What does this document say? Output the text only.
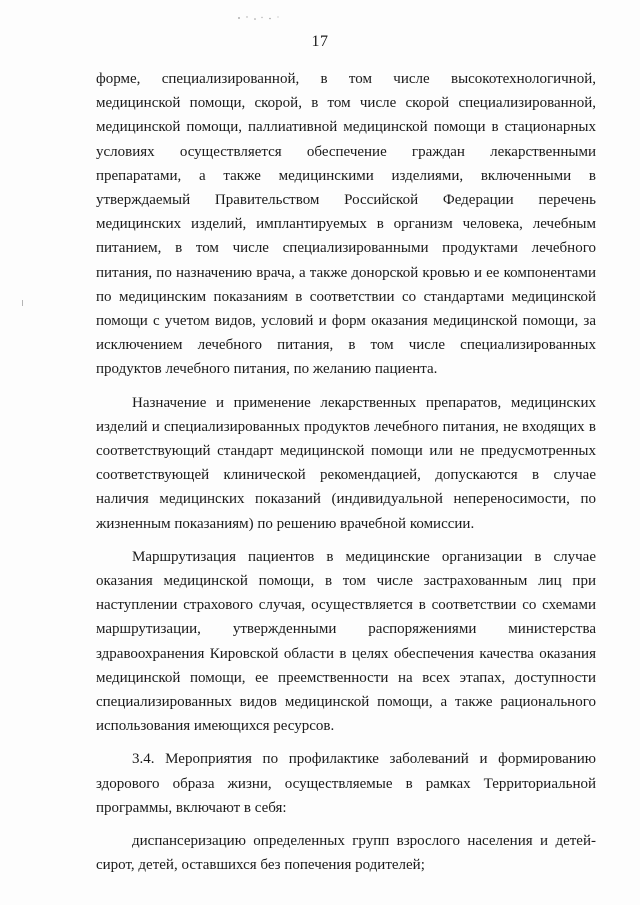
17

форме, специализированной, в том числе высокотехнологичной, медицинской помощи, скорой, в том числе скорой специализированной, медицинской помощи, паллиативной медицинской помощи в стационарных условиях осуществляется обеспечение граждан лекарственными препаратами, а также медицинскими изделиями, включенными в утверждаемый Правительством Российской Федерации перечень медицинских изделий, имплантируемых в организм человека, лечебным питанием, в том числе специализированными продуктами лечебного питания, по назначению врача, а также донорской кровью и ее компонентами по медицинским показаниям в соответствии со стандартами медицинской помощи с учетом видов, условий и форм оказания медицинской помощи, за исключением лечебного питания, в том числе специализированных продуктов лечебного питания, по желанию пациента.

Назначение и применение лекарственных препаратов, медицинских изделий и специализированных продуктов лечебного питания, не входящих в соответствующий стандарт медицинской помощи или не предусмотренных соответствующей клинической рекомендацией, допускаются в случае наличия медицинских показаний (индивидуальной непереносимости, по жизненным показаниям) по решению врачебной комиссии.

Маршрутизация пациентов в медицинские организации в случае оказания медицинской помощи, в том числе застрахованным лиц при наступлении страхового случая, осуществляется в соответствии со схемами маршрутизации, утвержденными распоряжениями министерства здравоохранения Кировской области в целях обеспечения качества оказания медицинской помощи, ее преемственности на всех этапах, доступности специализированных видов медицинской помощи, а также рационального использования имеющихся ресурсов.

3.4. Мероприятия по профилактике заболеваний и формированию здорового образа жизни, осуществляемые в рамках Территориальной программы, включают в себя:

диспансеризацию определенных групп взрослого населения и детей-сирот, детей, оставшихся без попечения родителей;
